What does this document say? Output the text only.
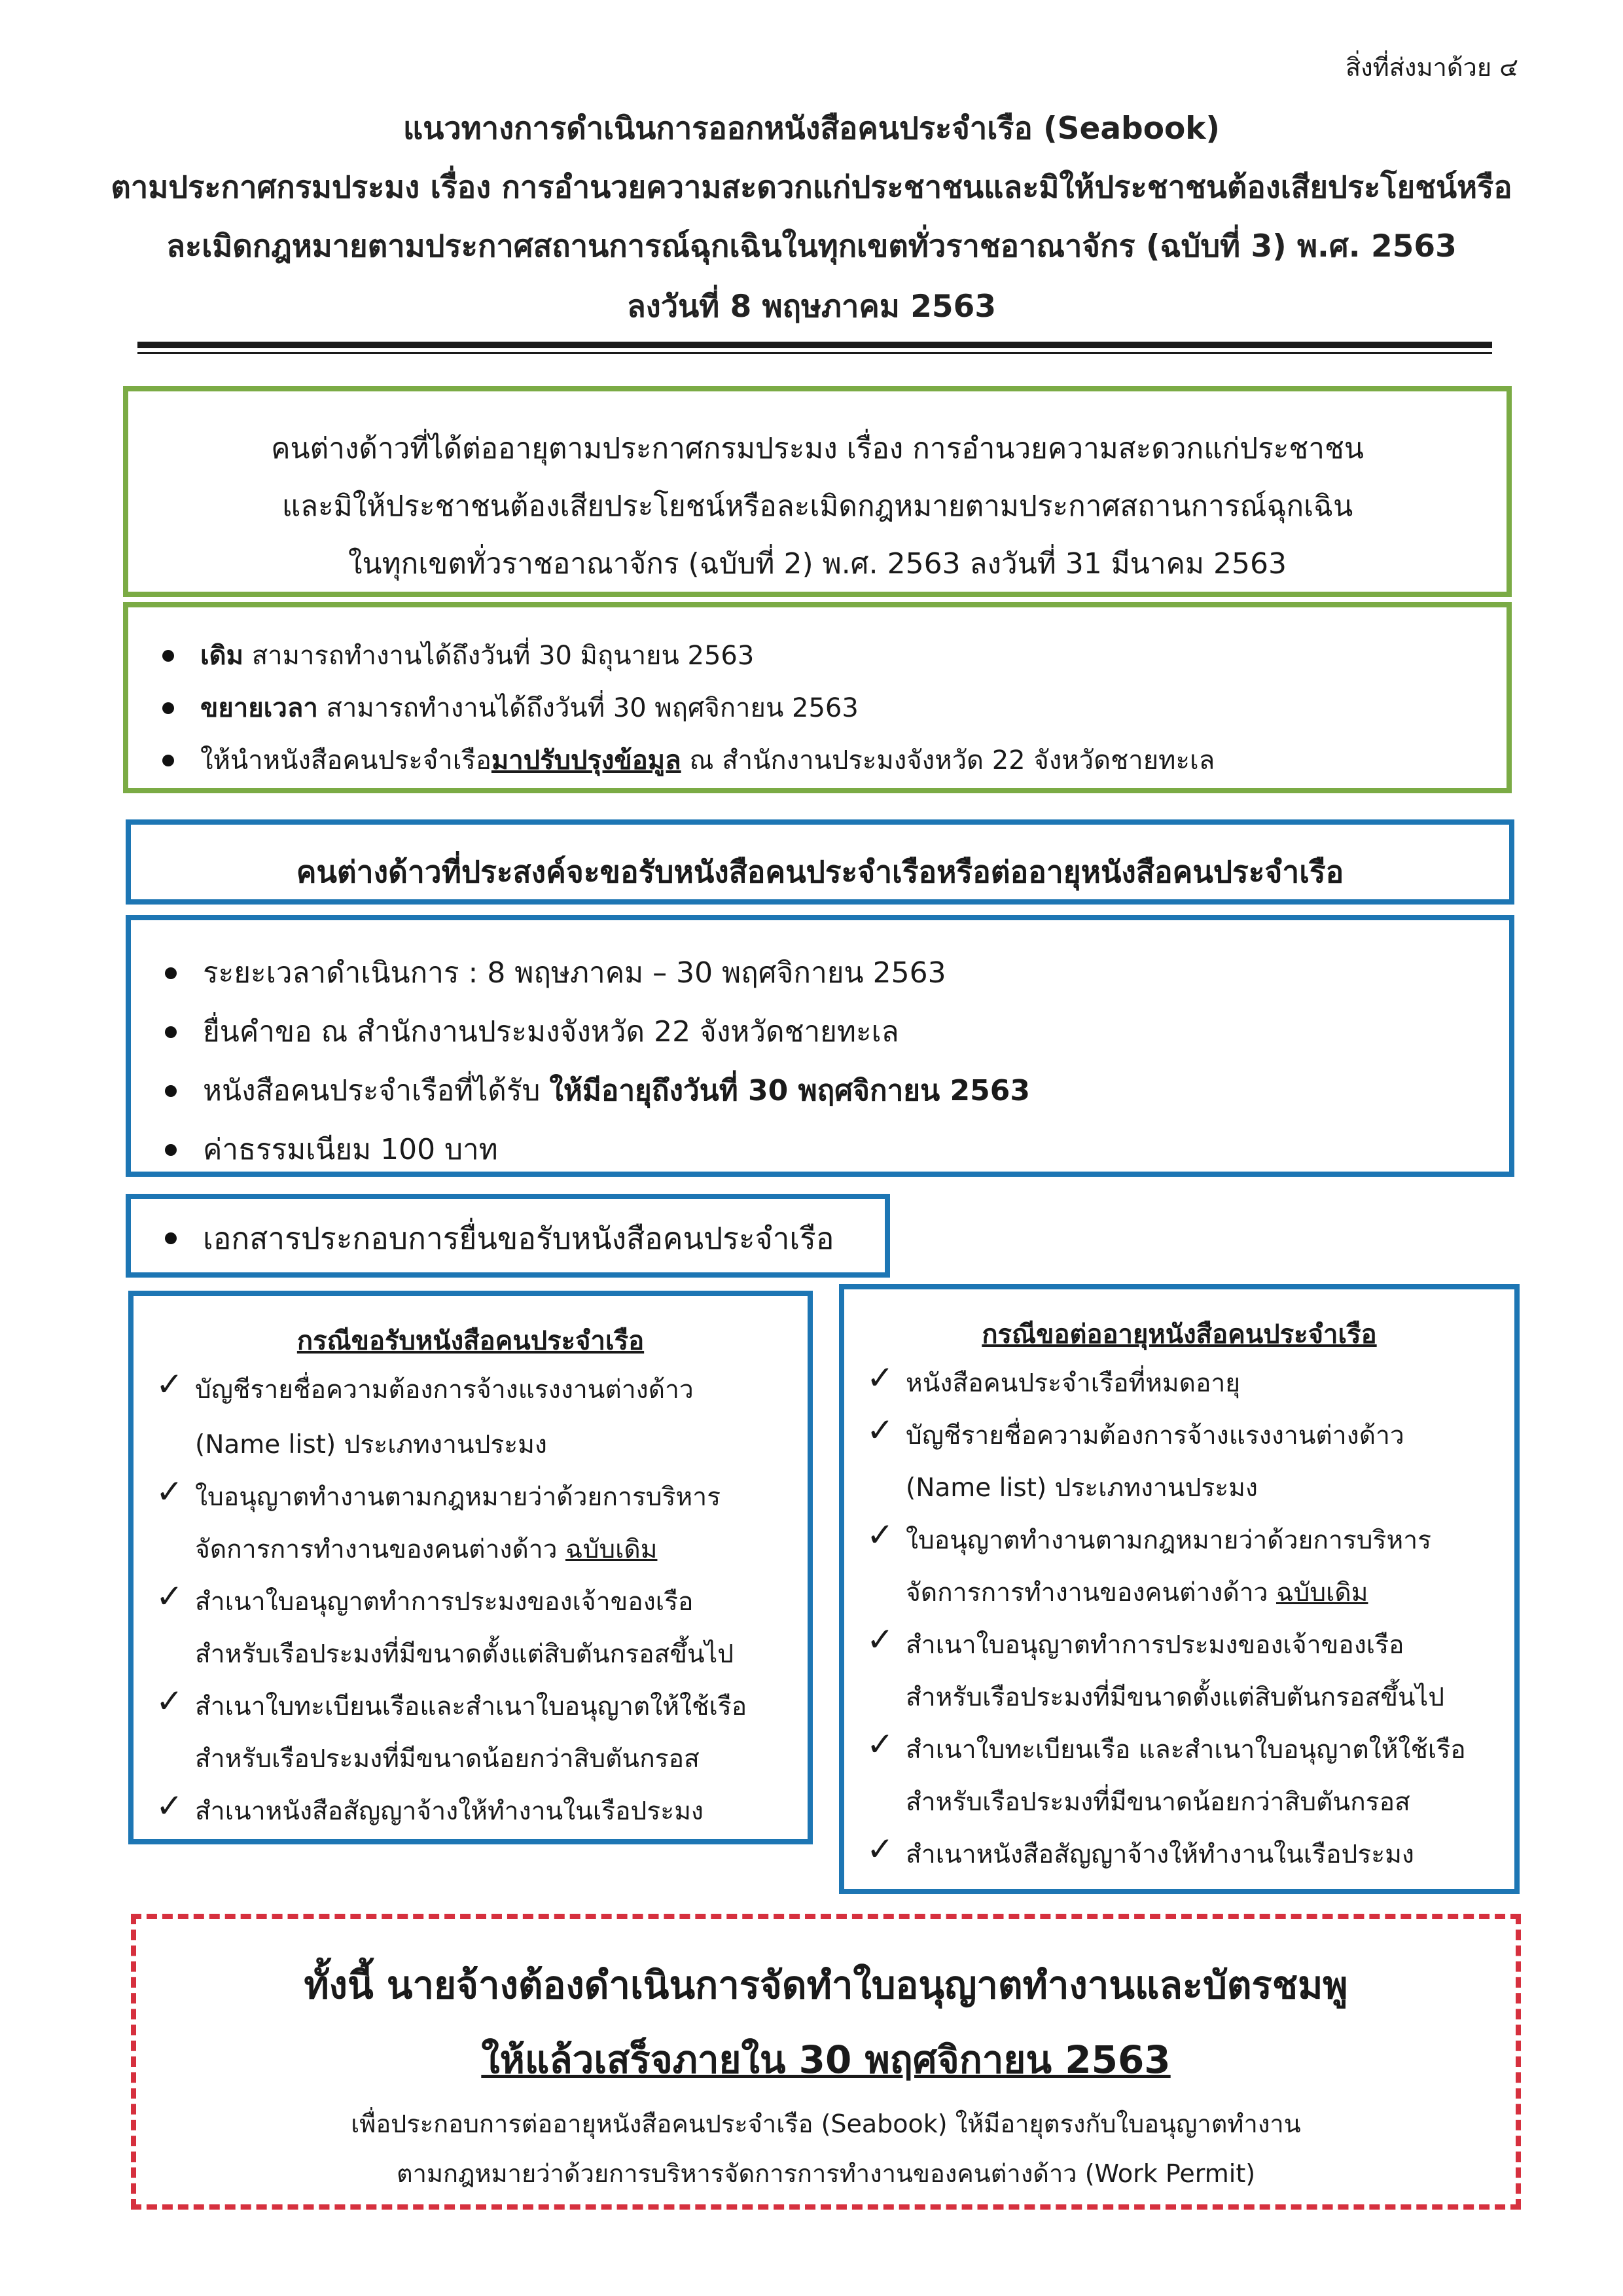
สิ่งที่ส่งมาด้วย ๔
แนวทางการดำเนินการออกหนังสือคนประจำเรือ (Seabook)
ตามประกาศกรมประมง เรื่อง การอำนวยความสะดวกแก่ประชาชนและมิให้ประชาชนต้องเสียประโยชน์หรือ
ละเมิดกฎหมายตามประกาศสถานการณ์ฉุกเฉินในทุกเขตทั่วราชอาณาจักร (ฉบับที่ 3) พ.ศ. 2563
ลงวันที่ 8 พฤษภาคม 2563
คนต่างด้าวที่ได้ต่ออายุตามประกาศกรมประมง เรื่อง การอำนวยความสะดวกแก่ประชาชน
และมิให้ประชาชนต้องเสียประโยชน์หรือละเมิดกฎหมายตามประกาศสถานการณ์ฉุกเฉิน
ในทุกเขตทั่วราชอาณาจักร (ฉบับที่ 2) พ.ศ. 2563 ลงวันที่ 31 มีนาคม 2563
เดิม สามารถทำงานได้ถึงวันที่ 30 มิถุนายน 2563
ขยายเวลา สามารถทำงานได้ถึงวันที่ 30 พฤศจิกายน 2563
ให้นำหนังสือคนประจำเรือมาปรับปรุงข้อมูล ณ สำนักงานประมงจังหวัด 22 จังหวัดชายทะเล
คนต่างด้าวที่ประสงค์จะขอรับหนังสือคนประจำเรือหรือต่ออายุหนังสือคนประจำเรือ
ระยะเวลาดำเนินการ : 8 พฤษภาคม – 30 พฤศจิกายน 2563
ยื่นคำขอ ณ สำนักงานประมงจังหวัด 22 จังหวัดชายทะเล
หนังสือคนประจำเรือที่ได้รับ ให้มีอายุถึงวันที่ 30 พฤศจิกายน 2563
ค่าธรรมเนียม 100 บาท
เอกสารประกอบการยื่นขอรับหนังสือคนประจำเรือ
กรณีขอรับหนังสือคนประจำเรือ
✓ บัญชีรายชื่อความต้องการจ้างแรงงานต่างด้าว
(Name list) ประเภทงานประมง
✓ ใบอนุญาตทำงานตามกฎหมายว่าด้วยการบริหาร
จัดการการทำงานของคนต่างด้าว ฉบับเดิม
✓ สำเนาใบอนุญาตทำการประมงของเจ้าของเรือ
สำหรับเรือประมงที่มีขนาดตั้งแต่สิบตันกรอสขึ้นไป
✓ สำเนาใบทะเบียนเรือและสำเนาใบอนุญาตให้ใช้เรือ
สำหรับเรือประมงที่มีขนาดน้อยกว่าสิบตันกรอส
✓ สำเนาหนังสือสัญญาจ้างให้ทำงานในเรือประมง
กรณีขอต่ออายุหนังสือคนประจำเรือ
✓ หนังสือคนประจำเรือที่หมดอายุ
✓ บัญชีรายชื่อความต้องการจ้างแรงงานต่างด้าว
(Name list) ประเภทงานประมง
✓ ใบอนุญาตทำงานตามกฎหมายว่าด้วยการบริหาร
จัดการการทำงานของคนต่างด้าว ฉบับเดิม
✓ สำเนาใบอนุญาตทำการประมงของเจ้าของเรือ
สำหรับเรือประมงที่มีขนาดตั้งแต่สิบตันกรอสขึ้นไป
✓ สำเนาใบทะเบียนเรือ และสำเนาใบอนุญาตให้ใช้เรือ
สำหรับเรือประมงที่มีขนาดน้อยกว่าสิบตันกรอส
✓ สำเนาหนังสือสัญญาจ้างให้ทำงานในเรือประมง
ทั้งนี้ นายจ้างต้องดำเนินการจัดทำใบอนุญาตทำงานและบัตรชมพู
ให้แล้วเสร็จภายใน 30 พฤศจิกายน 2563
เพื่อประกอบการต่ออายุหนังสือคนประจำเรือ (Seabook) ให้มีอายุตรงกับใบอนุญาตทำงาน
ตามกฎหมายว่าด้วยการบริหารจัดการการทำงานของคนต่างด้าว (Work Permit)
